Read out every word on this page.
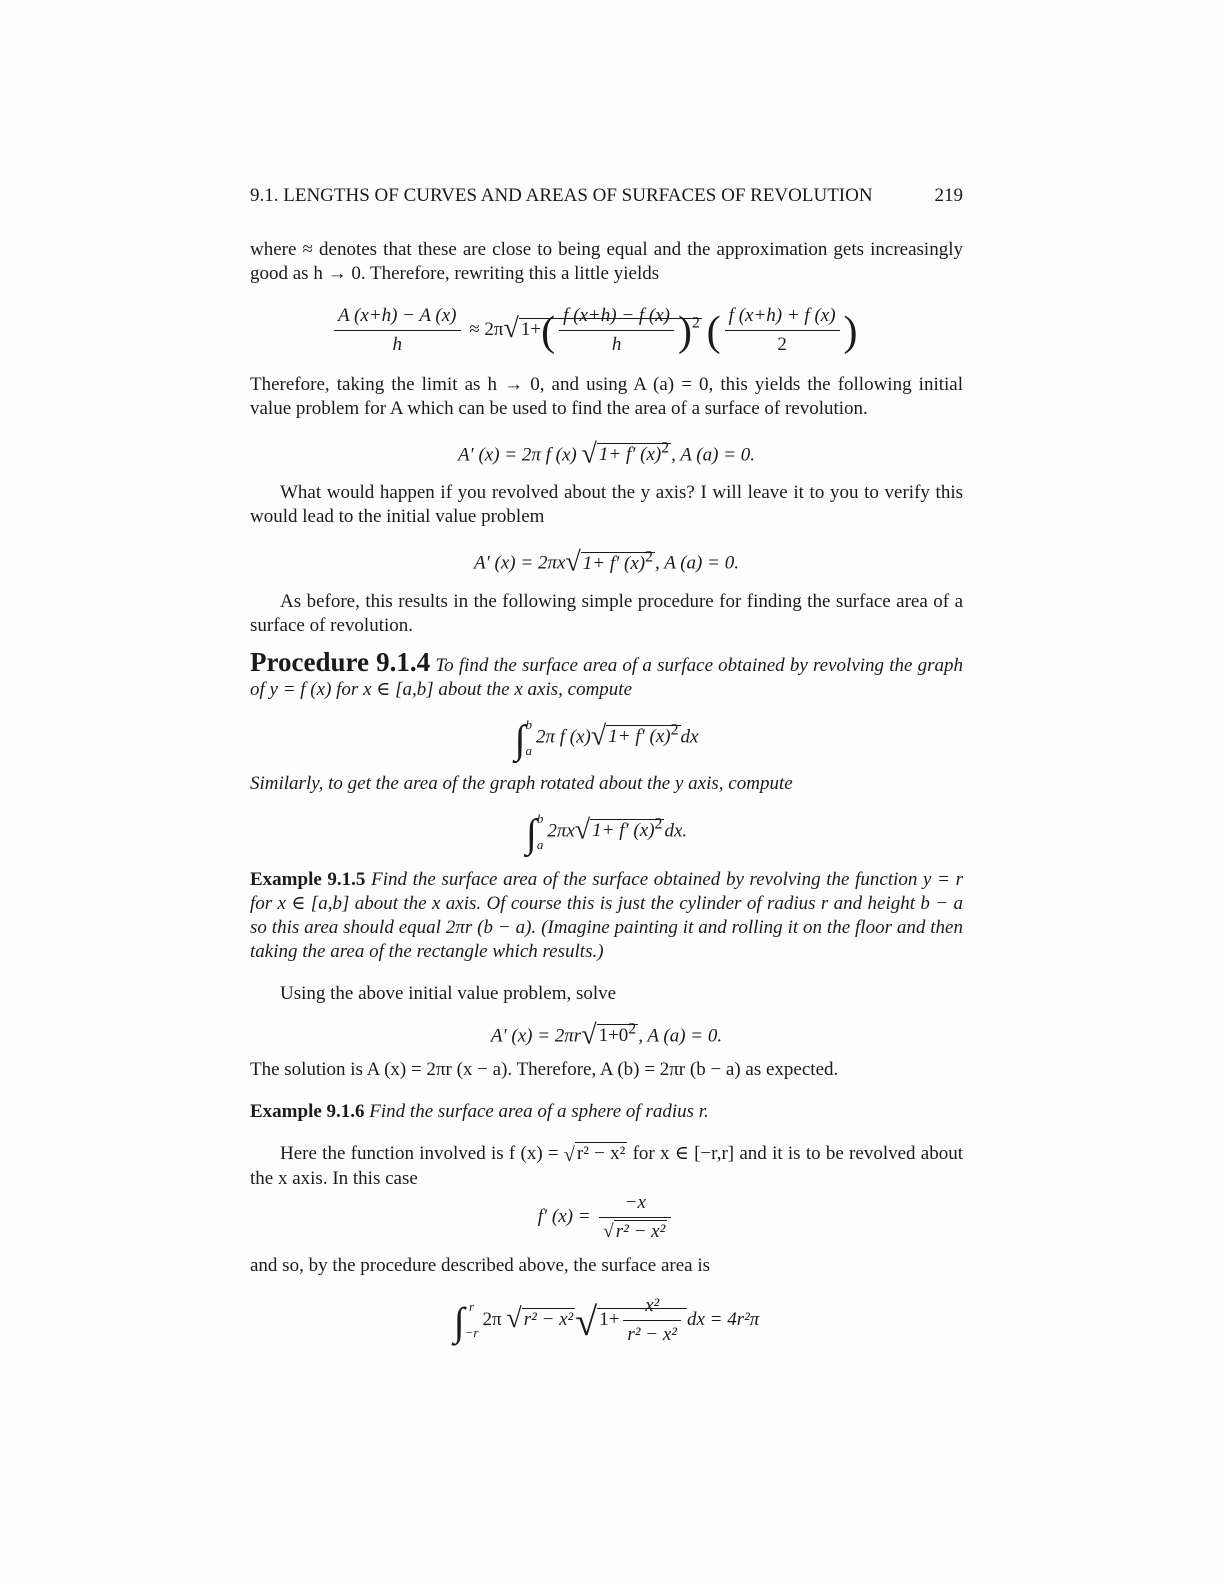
9.1. LENGTHS OF CURVES AND AREAS OF SURFACES OF REVOLUTION	219

where ≈ denotes that these are close to being equal and the approximation gets increasingly good as h → 0. Therefore, rewriting this a little yields

$\frac{A (x+h) - A (x)}{h} \approx 2\pi√$ $1+( \frac{f (x+h) - f (x)}{h} )^2$ ( $\frac{f (x+h) + f (x)}{2}$ )

Therefore, taking the limit as h → 0, and using A (a) = 0, this yields the following initial value problem for A which can be used to find the area of a surface of revolution.

A′ (x) = 2π f (x) √ 1+ f′ $(x)^2$ , A (a) = 0.

What would happen if you revolved about the y axis? I will leave it to you to verify this would lead to the initial value problem

A′ (x) = 2πx√ 1+ f′ $(x)^2$ , A (a) = 0.

As before, this results in the following simple procedure for finding the surface area of a surface of revolution.

Procedure 9.1.4 To find the surface area of a surface obtained by revolving the graph of y = f (x) for x ∈ [a,b] about the x axis, compute

∫ b
a
2π f (x)√ 1+ f′ $(x)^2$ dx

Similarly, to get the area of the graph rotated about the y axis, compute

∫ b
a
2πx√ 1+ f′ $(x)^2$ dx.

Example 9.1.5 Find the surface area of the surface obtained by revolving the function y = r for x ∈ [a,b] about the x axis. Of course this is just the cylinder of radius r and height b − a so this area should equal 2πr (b − a). (Imagine painting it and rolling it on the floor and then taking the area of the rectangle which results.)

Using the above initial value problem, solve

A′ (x) = 2πr√ $1+0^2$ , A (a) = 0.

The solution is A (x) = 2πr (x − a). Therefore, A (b) = 2πr (b − a) as expected.

Example 9.1.6 Find the surface area of a sphere of radius r.

Here the function involved is f (x) = √ r² − x² for x ∈ [−r,r] and it is to be revolved about the x axis. In this case

f′ $(x) = \frac{-x}{\text{√ r² − x²}}$

and so, by the procedure described above, the surface area is

∫ r
−r
2π √ r² − x²√ $1+ \frac{\text{x²}}{\text{r² − x²}}$ dx = 4r²π
